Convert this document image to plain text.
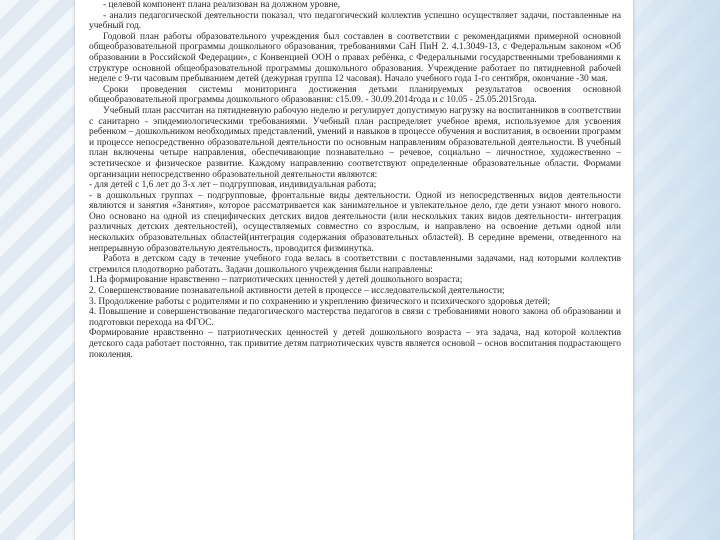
- целевой компонент плана реализован на должном уровне,

- анализ педагогической деятельности показал, что педагогический коллектив успешно осуществляет задачи, поставленные на учебный год.

Годовой план работы образовательного учреждения был составлен в соответствии с рекомендациями примерной основной общеобразовательной программы дошкольного образования, требованиями СаН ПиН 2. 4.1.3049-13, с Федеральным законом «Об образовании в Российской Федерации», с Конвенцией ООН о правах ребёнка, с Федеральными государственными требованиями к структуре основной общеобразовательной программы дошкольного образования. Учреждение работает по пятидневной рабочей неделе с 9-ти часовым пребыванием детей (дежурная группа 12 часовая). Начало учебного года 1-го сентября, окончание -30 мая.

Сроки проведения системы мониторинга достижения детьми планируемых результатов освоения основной общеобразовательной программы дошкольного образования: с15.09. - 30.09.2014года и с 10.05 - 25.05.2015года.

Учебный план рассчитан на пятидневную рабочую неделю и регулирует допустимую нагрузку на воспитанников в соответствии с санитарно - эпидемиологическими требованиями. Учебный план распределяет учебное время, используемое для усвоения ребенком – дошкольником необходимых представлений, умений и навыков в процессе обучения и воспитания, в освоении программ и процессе непосредственно образовательной деятельности по основным направлениям образовательной деятельности. В учебный план включены четыре направления, обеспечивающие познавательно – речевое, социально – личностное, художественно – эстетическое и физическое развитие. Каждому направлению соответствуют определенные образовательные области. Формами организации непосредственно образовательной деятельности являются:

- для детей с 1,6 лет до 3-х лет – подгрупповая, индивидуальная работа;

- в дошкольных группах – подгрупповые, фронтальные виды деятельности. Одной из непосредственных видов деятельности являются и занятия «Занятия», которое рассматривается как занимательное и увлекательное дело, где дети узнают много нового. Оно основано на одной из специфических детских видов деятельности (или нескольких таких видов деятельности- интеграция различных детских деятельностей), осуществляемых совместно со взрослым, и направлено на освоение детьми одной или нескольких образовательных областей(интеграция содержания образовательных областей). В середине времени, отведенного на непрерывную образовательную деятельность, проводится физминутка.

Работа в детском саду в течение учебного года велась в соответствии с поставленными задачами, над которыми коллектив стремился плодотворно работать. Задачи дошкольного учреждения были направлены:

1.На формирование нравственно – патриотических ценностей у детей дошкольного возраста;

2. Совершенствование познавательной активности детей в процессе – исследовательской деятельности;

3. Продолжение работы с родителями и по сохранению и укреплению физического и психического здоровья детей;

4. Повышение и совершенствование педагогического мастерства педагогов в связи с требованиями нового закона об образовании и подготовки перехода на ФГОС.

Формирование нравственно – патриотических ценностей у детей дошкольного возраста – эта задача, над которой коллектив детского сада работает постоянно, так привитие детям патриотических чувств является основой – основ воспитания подрастающего поколения.
